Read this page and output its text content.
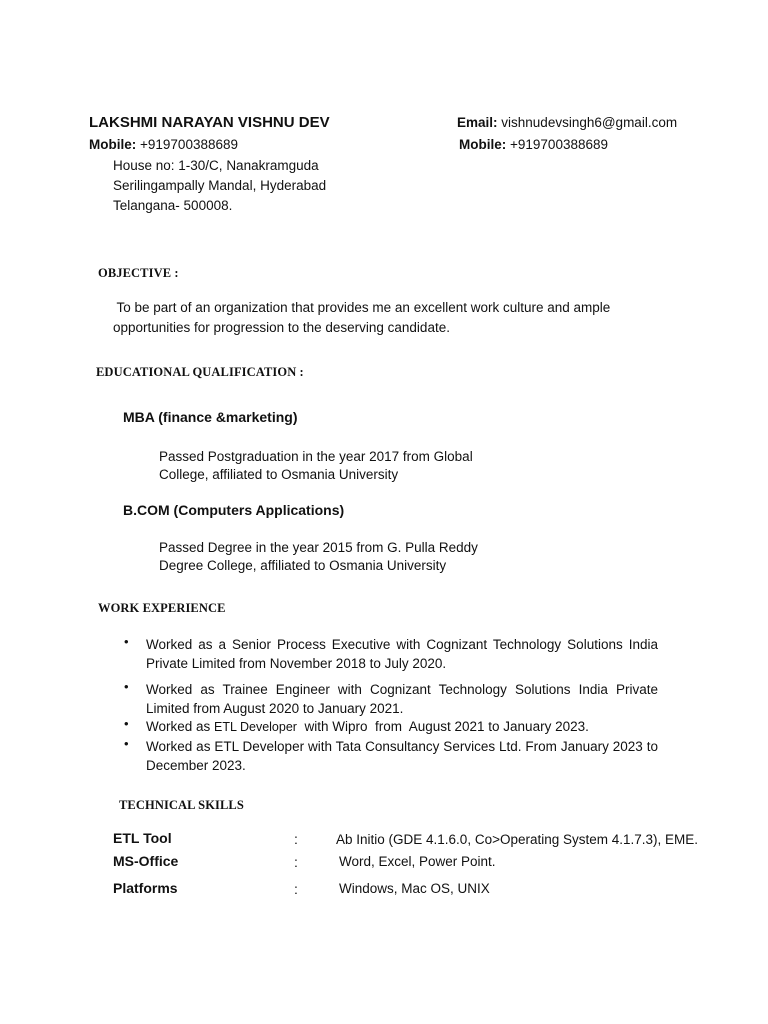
LAKSHMI NARAYAN VISHNU DEV	Email: vishnudevsingh6@gmail.com
Mobile: +919700388689	Mobile: +919700388689
House no: 1-30/C, Nanakramguda
Serilingampally Mandal, Hyderabad
Telangana- 500008.
OBJECTIVE :
To be part of an organization that provides me an excellent work culture and ample
opportunities for progression to the deserving candidate.
EDUCATIONAL QUALIFICATION :
MBA (finance &marketing)
Passed Postgraduation in the year 2017 from Global
College, affiliated to Osmania University
B.COM (Computers Applications)
Passed Degree in the year 2015 from G. Pulla Reddy
Degree College, affiliated to Osmania University
WORK EXPERIENCE
• Worked as a Senior Process Executive with Cognizant Technology Solutions India Private Limited from November 2018 to July 2020.
• Worked as Trainee Engineer with Cognizant Technology Solutions India Private Limited from August 2020 to January 2021.
• Worked as ETL Developer  with Wipro  from  August 2021 to January 2023.
• Worked as ETL Developer with Tata Consultancy Services Ltd. From January 2023 to December 2023.
TECHNICAL SKILLS
ETL Tool	:	Ab Initio (GDE 4.1.6.0, Co>Operating System 4.1.7.3), EME.
MS-Office	:	Word, Excel, Power Point.
Platforms	:	Windows, Mac OS, UNIX
